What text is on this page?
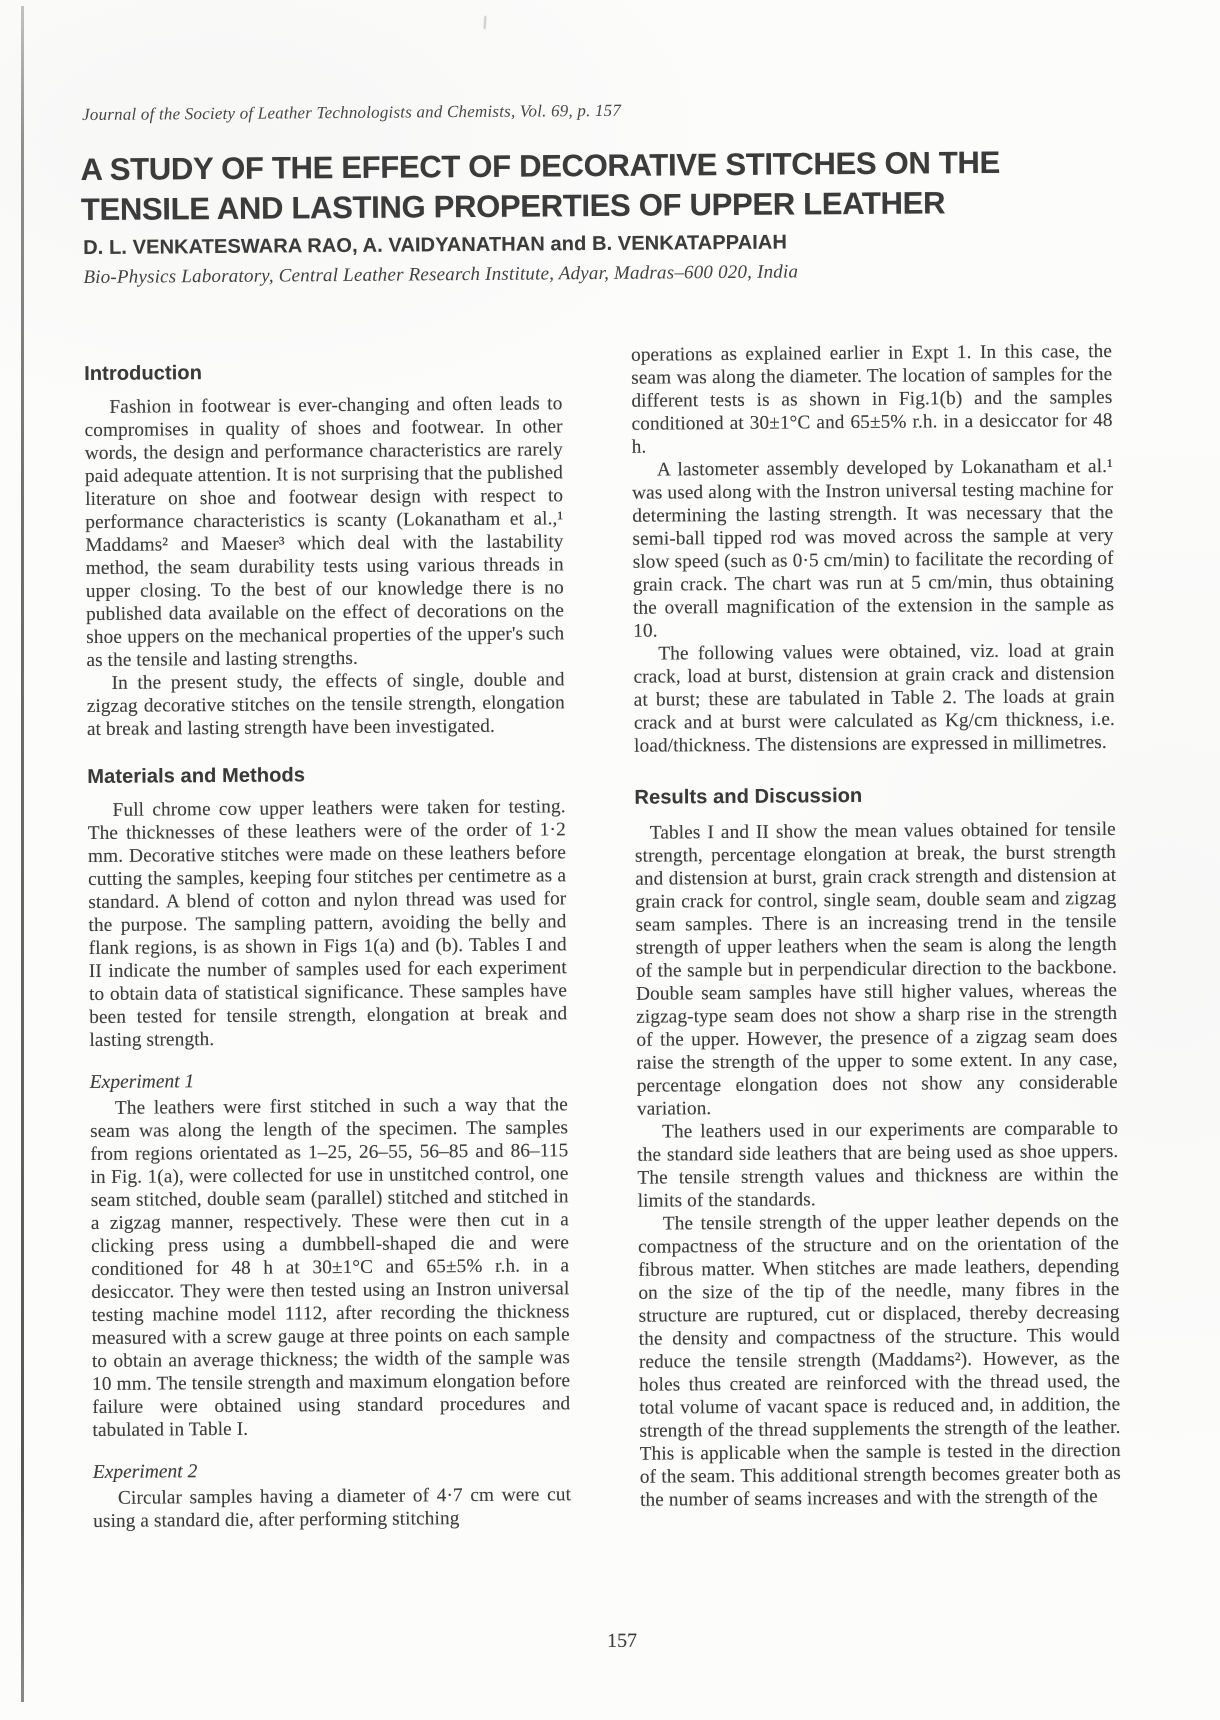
Journal of the Society of Leather Technologists and Chemists, Vol. 69, p. 157
A STUDY OF THE EFFECT OF DECORATIVE STITCHES ON THE
TENSILE AND LASTING PROPERTIES OF UPPER LEATHER
D. L. VENKATESWARA RAO, A. VAIDYANATHAN and B. VENKATAPPAIAH
Bio-Physics Laboratory, Central Leather Research Institute, Adyar, Madras–600 020, India
Introduction

Fashion in footwear is ever-changing and often leads to compromises in quality of shoes and footwear. In other words, the design and performance characteristics are rarely paid adequate attention. It is not surprising that the published literature on shoe and footwear design with respect to performance characteristics is scanty (Lokanatham et al.,¹ Maddams² and Maeser³ which deal with the lastability method, the seam durability tests using various threads in upper closing. To the best of our knowledge there is no published data available on the effect of decorations on the shoe uppers on the mechanical properties of the upper's such as the tensile and lasting strengths.

In the present study, the effects of single, double and zigzag decorative stitches on the tensile strength, elongation at break and lasting strength have been investigated.

Materials and Methods

Full chrome cow upper leathers were taken for testing. The thicknesses of these leathers were of the order of 1·2 mm. Decorative stitches were made on these leathers before cutting the samples, keeping four stitches per centimetre as a standard. A blend of cotton and nylon thread was used for the purpose. The sampling pattern, avoiding the belly and flank regions, is as shown in Figs 1(a) and (b). Tables I and II indicate the number of samples used for each experiment to obtain data of statistical significance. These samples have been tested for tensile strength, elongation at break and lasting strength.

Experiment 1

The leathers were first stitched in such a way that the seam was along the length of the specimen. The samples from regions orientated as 1–25, 26–55, 56–85 and 86–115 in Fig. 1(a), were collected for use in unstitched control, one seam stitched, double seam (parallel) stitched and stitched in a zigzag manner, respectively. These were then cut in a clicking press using a dumbbell-shaped die and were conditioned for 48 h at 30±1°C and 65±5% r.h. in a desiccator. They were then tested using an Instron universal testing machine model 1112, after recording the thickness measured with a screw gauge at three points on each sample to obtain an average thickness; the width of the sample was 10 mm. The tensile strength and maximum elongation before failure were obtained using standard procedures and tabulated in Table I.

Experiment 2

Circular samples having a diameter of 4·7 cm were cut using a standard die, after performing stitching

operations as explained earlier in Expt 1. In this case, the seam was along the diameter. The location of samples for the different tests is as shown in Fig.1(b) and the samples conditioned at 30±1°C and 65±5% r.h. in a desiccator for 48 h.

A lastometer assembly developed by Lokanatham et al.¹ was used along with the Instron universal testing machine for determining the lasting strength. It was necessary that the semi-ball tipped rod was moved across the sample at very slow speed (such as 0·5 cm/min) to facilitate the recording of grain crack. The chart was run at 5 cm/min, thus obtaining the overall magnification of the extension in the sample as 10.

The following values were obtained, viz. load at grain crack, load at burst, distension at grain crack and distension at burst; these are tabulated in Table 2. The loads at grain crack and at burst were calculated as Kg/cm thickness, i.e. load/thickness. The distensions are expressed in millimetres.

Results and Discussion

Tables I and II show the mean values obtained for tensile strength, percentage elongation at break, the burst strength and distension at burst, grain crack strength and distension at grain crack for control, single seam, double seam and zigzag seam samples. There is an increasing trend in the tensile strength of upper leathers when the seam is along the length of the sample but in perpendicular direction to the backbone. Double seam samples have still higher values, whereas the zigzag-type seam does not show a sharp rise in the strength of the upper. However, the presence of a zigzag seam does raise the strength of the upper to some extent. In any case, percentage elongation does not show any considerable variation.

The leathers used in our experiments are comparable to the standard side leathers that are being used as shoe uppers. The tensile strength values and thickness are within the limits of the standards.

The tensile strength of the upper leather depends on the compactness of the structure and on the orientation of the fibrous matter. When stitches are made leathers, depending on the size of the tip of the needle, many fibres in the structure are ruptured, cut or displaced, thereby decreasing the density and compactness of the structure. This would reduce the tensile strength (Maddams²). However, as the holes thus created are reinforced with the thread used, the total volume of vacant space is reduced and, in addition, the strength of the thread supplements the strength of the leather. This is applicable when the sample is tested in the direction of the seam. This additional strength becomes greater both as the number of seams increases and with the strength of the

157
